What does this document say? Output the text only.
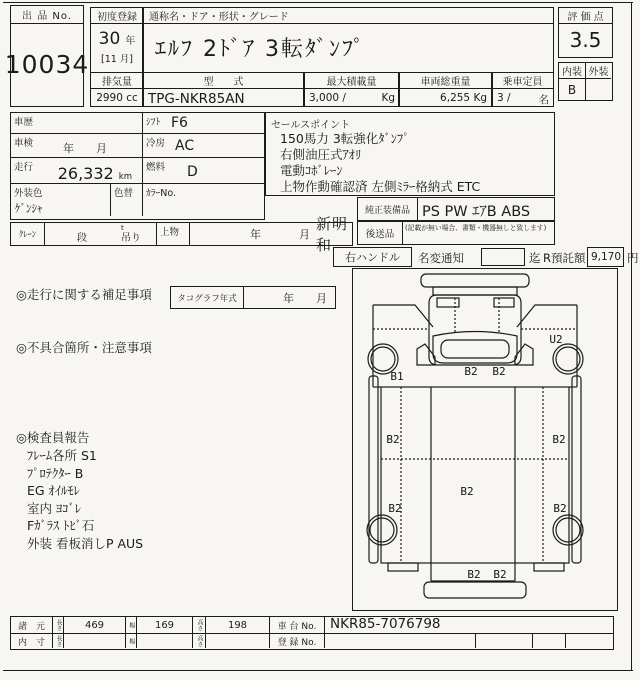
出 品 No.
10034
初度登録
30 年
[11 月]
通称名・ドア・形状・グレード
ｴﾙﾌ 2ﾄﾞｱ 3転ﾀﾞﾝﾌﾟ
評 価 点
3.5
内装 外装
B
排気量
2990 cc
型　　式
TPG-NKR85AN
最大積載量
3,000 /	Kg
車両総重量
6,255 Kg
乗車定員
3 /	名
車歴	ｼﾌﾄ F6
車検	年　　月	冷房 AC
走行 26,332 km
燃料 D
外装色
ｹﾞﾝｼｬ
色替 ｶﾗｰNo.
ｸﾚｰﾝ	段
$^t$
吊り
上物	年	月
新明和
セールスポイント
150馬力 3転強化ﾀﾞﾝﾌﾟ
右側油圧式ｱｵﾘ
電動ｺﾎﾞﾚｰﾝ
上物作動確認済 左側ﾐﾗｰ格納式 ETC
純正装備品 PS PW ｴｱB ABS
後送品
(記載が無い場合、書類・機器無しと致します)
右ハンドル	名変通知	迄 R預託額 9,170 円
◎走行に関する補足事項	タコグラフ年式	年　　月
◎不具合箇所・注意事項
◎検査員報告
ﾌﾚｰﾑ各所 S1
ﾌﾟﾛﾃｸﾀｰ B
EG ｵｲﾙﾓﾚ
室内 ﾖｺﾞﾚ
Fｶﾞﾗｽ ﾄﾋﾞ石
外装 看板消しP AUS
B1	B2 B2
B2	B2
B2
B2	B2
B2 B2
U2
諸　元	長さ	469	幅	169	高さ	198	車 台 No.	NKR85-7076798
内　寸	長さ	幅	高さ	登 録 No.
